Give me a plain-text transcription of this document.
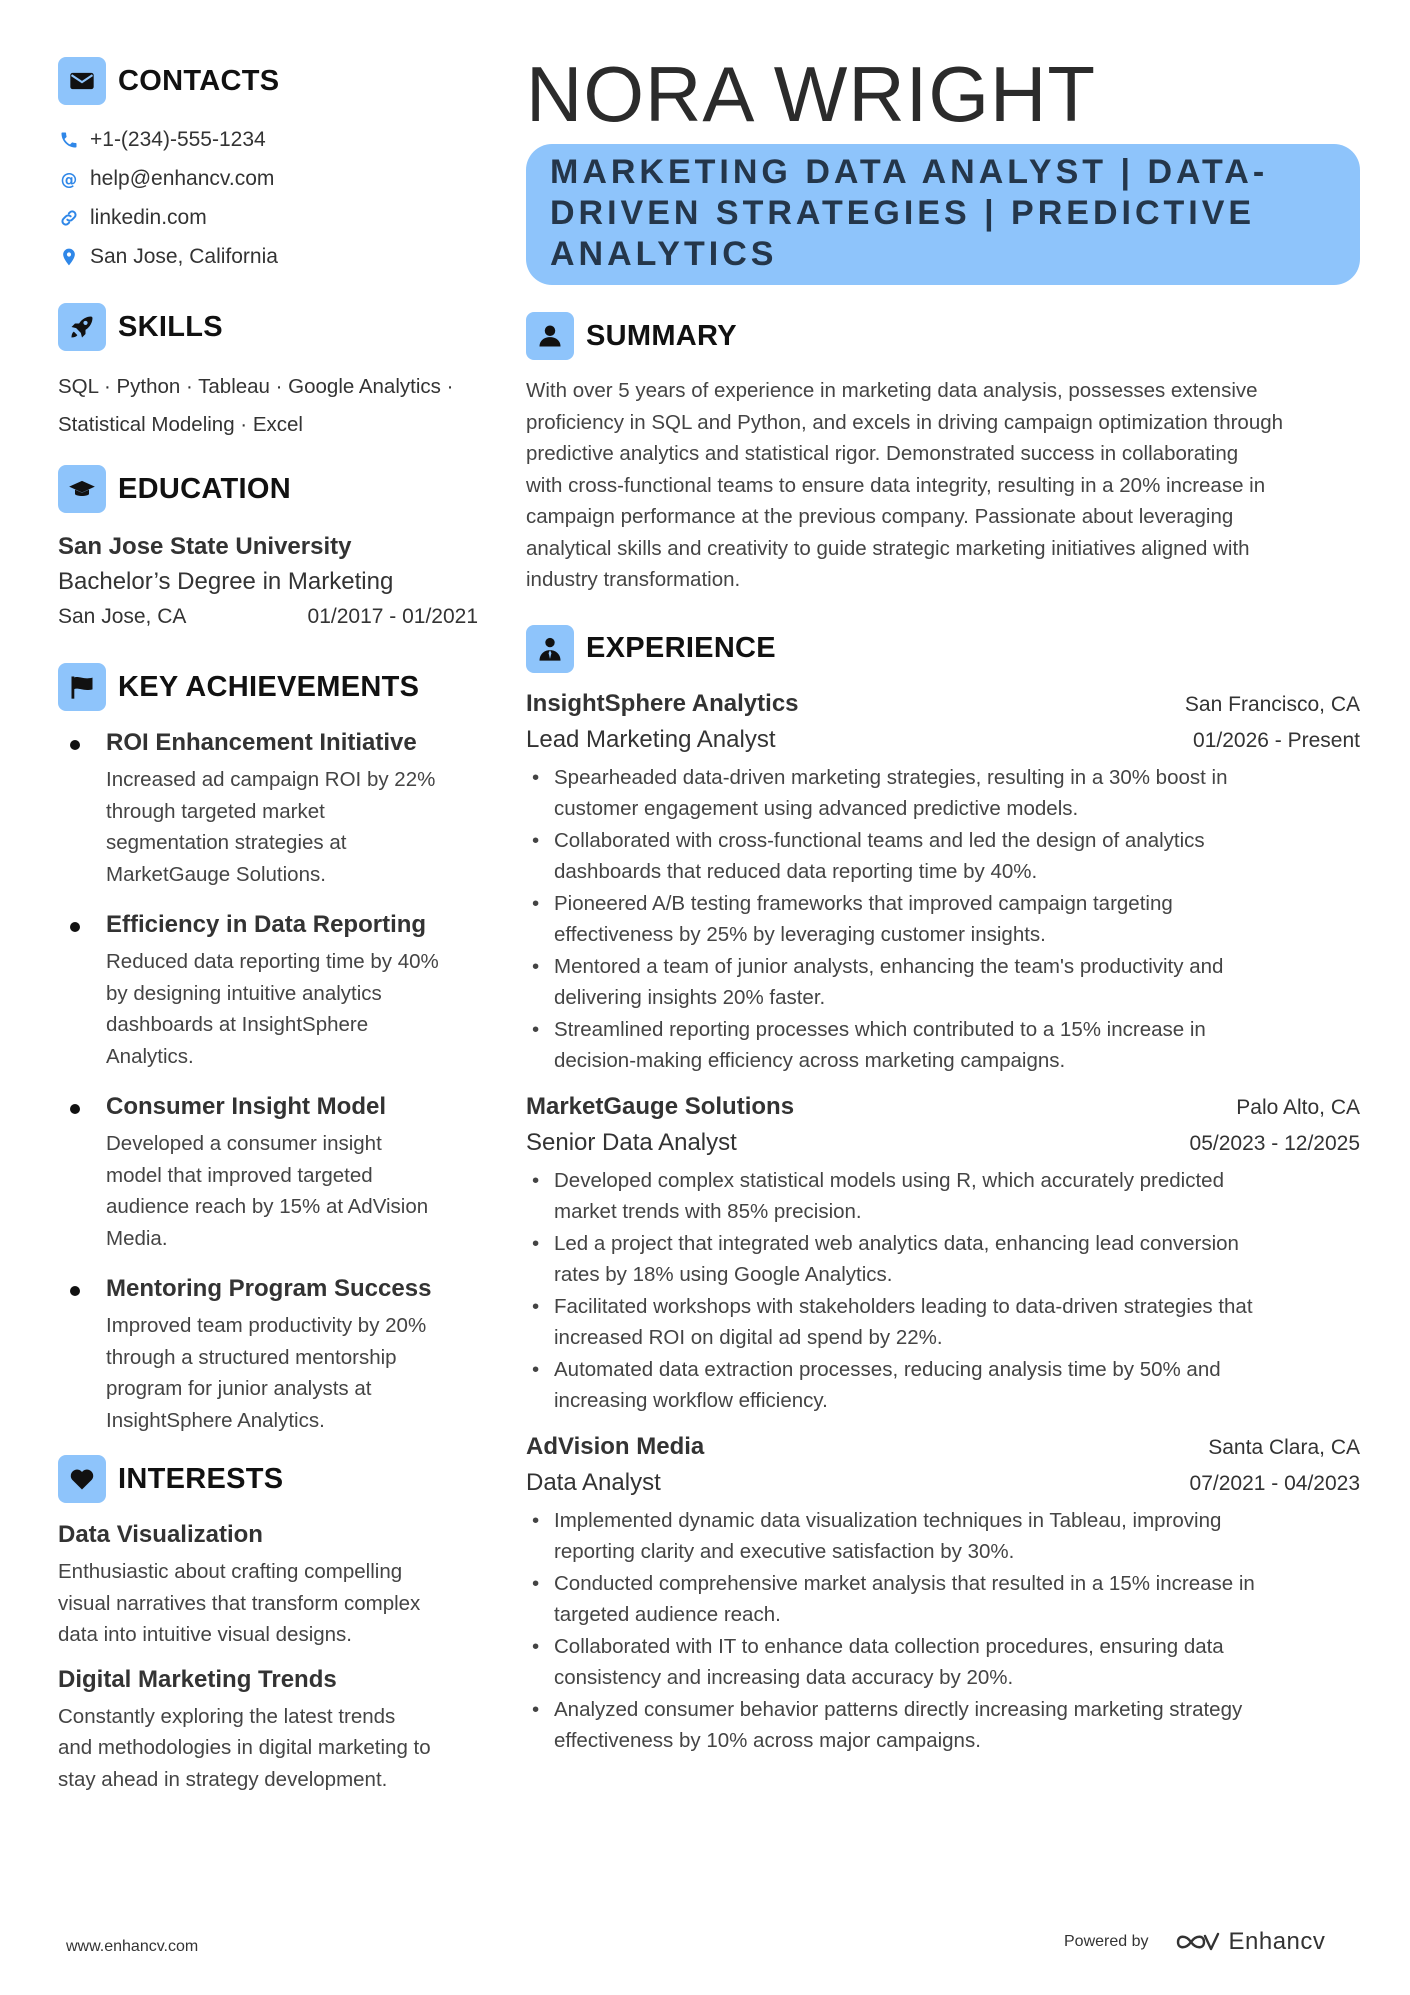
CONTACTS
+1-(234)-555-1234
@ help@enhancv.com
linkedin.com
San Jose, California
SKILLS
SQL · Python · Tableau · Google Analytics ·
Statistical Modeling · Excel
EDUCATION
San Jose State University
Bachelor’s Degree in Marketing
San Jose, CA	01/2017 - 01/2021
KEY ACHIEVEMENTS
ROI Enhancement Initiative
Increased ad campaign ROI by 22%
through targeted market
segmentation strategies at
MarketGauge Solutions.
Efficiency in Data Reporting
Reduced data reporting time by 40%
by designing intuitive analytics
dashboards at InsightSphere
Analytics.
Consumer Insight Model
Developed a consumer insight
model that improved targeted
audience reach by 15% at AdVision
Media.
Mentoring Program Success
Improved team productivity by 20%
through a structured mentorship
program for junior analysts at
InsightSphere Analytics.
INTERESTS
Data Visualization
Enthusiastic about crafting compelling
visual narratives that transform complex
data into intuitive visual designs.
Digital Marketing Trends
Constantly exploring the latest trends
and methodologies in digital marketing to
stay ahead in strategy development.
NORA WRIGHT
MARKETING DATA ANALYST | DATA-
DRIVEN STRATEGIES | PREDICTIVE
ANALYTICS
SUMMARY
With over 5 years of experience in marketing data analysis, possesses extensive
proficiency in SQL and Python, and excels in driving campaign optimization through
predictive analytics and statistical rigor. Demonstrated success in collaborating
with cross-functional teams to ensure data integrity, resulting in a 20% increase in
campaign performance at the previous company. Passionate about leveraging
analytical skills and creativity to guide strategic marketing initiatives aligned with
industry transformation.
EXPERIENCE
InsightSphere Analytics	San Francisco, CA
Lead Marketing Analyst	01/2026 - Present
• Spearheaded data-driven marketing strategies, resulting in a 30% boost in
customer engagement using advanced predictive models.
• Collaborated with cross-functional teams and led the design of analytics
dashboards that reduced data reporting time by 40%.
• Pioneered A/B testing frameworks that improved campaign targeting
effectiveness by 25% by leveraging customer insights.
• Mentored a team of junior analysts, enhancing the team's productivity and
delivering insights 20% faster.
• Streamlined reporting processes which contributed to a 15% increase in
decision-making efficiency across marketing campaigns.
MarketGauge Solutions	Palo Alto, CA
Senior Data Analyst	05/2023 - 12/2025
• Developed complex statistical models using R, which accurately predicted
market trends with 85% precision.
• Led a project that integrated web analytics data, enhancing lead conversion
rates by 18% using Google Analytics.
• Facilitated workshops with stakeholders leading to data-driven strategies that
increased ROI on digital ad spend by 22%.
• Automated data extraction processes, reducing analysis time by 50% and
increasing workflow efficiency.
AdVision Media	Santa Clara, CA
Data Analyst	07/2021 - 04/2023
• Implemented dynamic data visualization techniques in Tableau, improving
reporting clarity and executive satisfaction by 30%.
• Conducted comprehensive market analysis that resulted in a 15% increase in
targeted audience reach.
• Collaborated with IT to enhance data collection procedures, ensuring data
consistency and increasing data accuracy by 20%.
• Analyzed consumer behavior patterns directly increasing marketing strategy
effectiveness by 10% across major campaigns.
www.enhancv.com	Powered by	Enhancv
